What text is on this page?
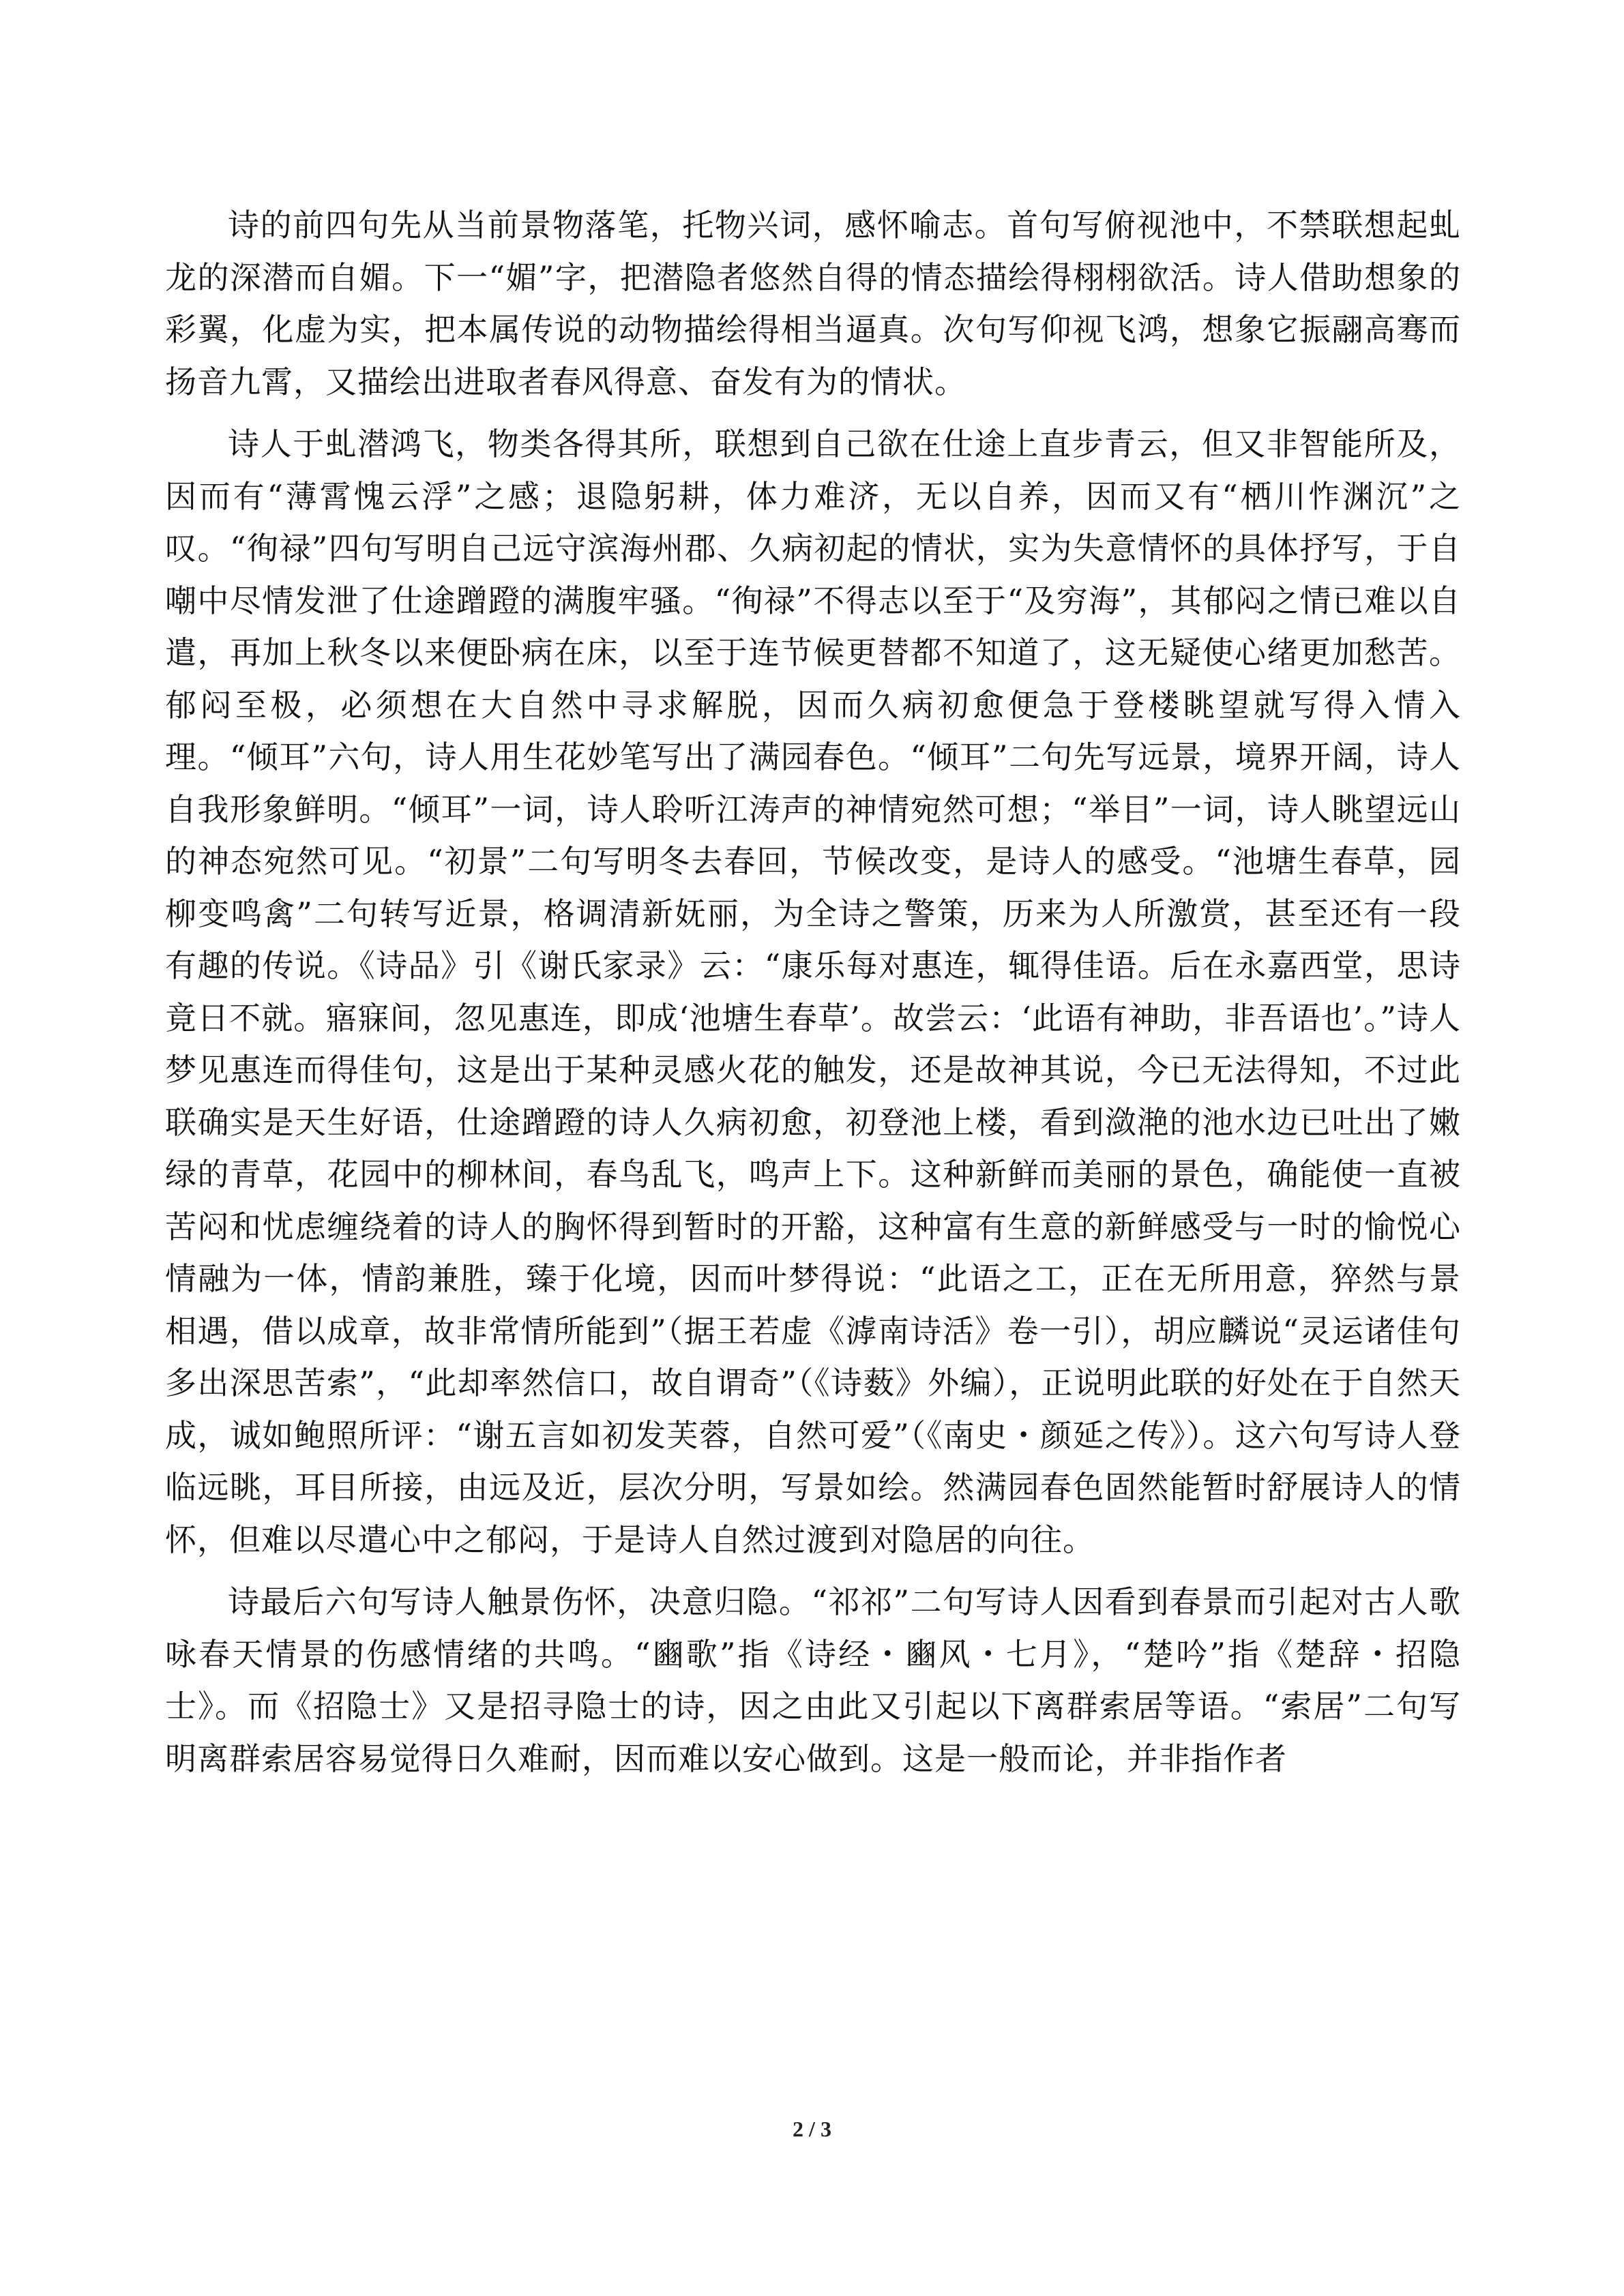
诗的前四句先从当前景物落笔，托物兴词，感怀喻志。首句写俯视池中，不禁联想起虬龙的深潜而自媚。下一“媚”字，把潜隐者悠然自得的情态描绘得栩栩欲活。诗人借助想象的彩翼，化虚为实，把本属传说的动物描绘得相当逼真。次句写仰视飞鸿，想象它振翮高骞而扬音九霄，又描绘出进取者春风得意、奋发有为的情状。

诗人于虬潜鸿飞，物类各得其所，联想到自己欲在仕途上直步青云，但又非智能所及，因而有“薄霄愧云浮”之感；退隐躬耕，体力难济，无以自养，因而又有“栖川怍渊沉”之叹。“徇禄”四句写明自己远守滨海州郡、久病初起的情状，实为失意情怀的具体抒写，于自嘲中尽情发泄了仕途蹭蹬的满腹牢骚。“徇禄”不得志以至于“及穷海”，其郁闷之情已难以自遣，再加上秋冬以来便卧病在床，以至于连节候更替都不知道了，这无疑使心绪更加愁苦。郁闷至极，必须想在大自然中寻求解脱，因而久病初愈便急于登楼眺望就写得入情入理。“倾耳”六句，诗人用生花妙笔写出了满园春色。“倾耳”二句先写远景，境界开阔，诗人自我形象鲜明。“倾耳”一词，诗人聆听江涛声的神情宛然可想；“举目”一词，诗人眺望远山的神态宛然可见。“初景”二句写明冬去春回，节候改变，是诗人的感受。“池塘生春草，园柳变鸣禽”二句转写近景，格调清新妩丽，为全诗之警策，历来为人所激赏，甚至还有一段有趣的传说。《诗品》引《谢氏家录》云：“康乐每对惠连，辄得佳语。后在永嘉西堂，思诗竟日不就。寤寐间，忽见惠连，即成‘池塘生春草’。故尝云：‘此语有神助，非吾语也’。”诗人梦见惠连而得佳句，这是出于某种灵感火花的触发，还是故神其说，今已无法得知，不过此联确实是天生好语，仕途蹭蹬的诗人久病初愈，初登池上楼，看到潋滟的池水边已吐出了嫩绿的青草，花园中的柳林间，春鸟乱飞，鸣声上下。这种新鲜而美丽的景色，确能使一直被苦闷和忧虑缠绕着的诗人的胸怀得到暂时的开豁，这种富有生意的新鲜感受与一时的愉悦心情融为一体，情韵兼胜，臻于化境，因而叶梦得说：“此语之工，正在无所用意，猝然与景相遇，借以成章，故非常情所能到”（据王若虚《滹南诗活》卷一引），胡应麟说“灵运诸佳句多出深思苦索”，“此却率然信口，故自谓奇”（《诗薮》外编），正说明此联的好处在于自然天成，诚如鲍照所评：“谢五言如初发芙蓉，自然可爱”（《南史・颜延之传》）。这六句写诗人登临远眺，耳目所接，由远及近，层次分明，写景如绘。然满园春色固然能暂时舒展诗人的情怀，但难以尽遣心中之郁闷，于是诗人自然过渡到对隐居的向往。

诗最后六句写诗人触景伤怀，决意归隐。“祁祁”二句写诗人因看到春景而引起对古人歌咏春天情景的伤感情绪的共鸣。“豳歌”指《诗经・豳风・七月》，“楚吟”指《楚辞・招隐士》。而《招隐士》又是招寻隐士的诗，因之由此又引起以下离群索居等语。“索居”二句写明离群索居容易觉得日久难耐，因而难以安心做到。这是一般而论，并非指作者

2 / 3
